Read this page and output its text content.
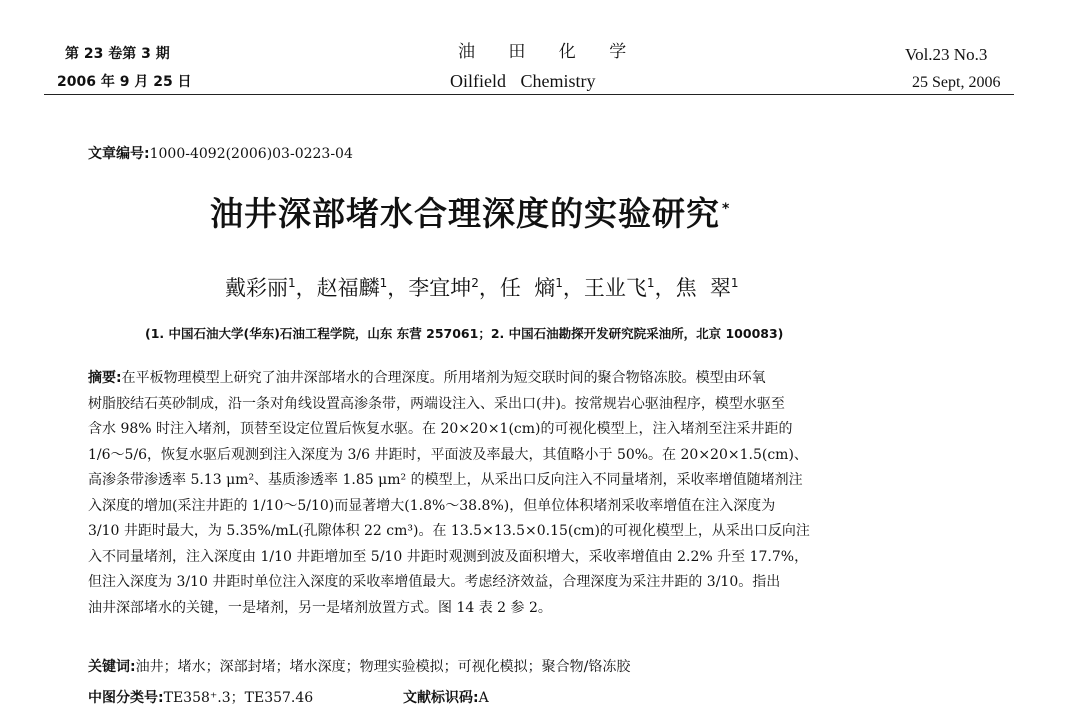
第 23 卷第 3 期
2006 年 9 月 25 日
油 田 化 学
Oilfield Chemistry
Vol.23 No.3
25 Sept, 2006
文章编号:1000-4092(2006)03-0223-04
油井深部堵水合理深度的实验研究 *
戴彩丽$^1$，赵福麟$^1$，李宜坤$^2$，任  熵$^1$，王业飞$^1$，焦  翠$^1$
(1. 中国石油大学(华东)石油工程学院，山东 东营 257061；2. 中国石油勘探开发研究院采油所，北京 100083)
摘要:在平板物理模型上研究了油井深部堵水的合理深度。所用堵剂为短交联时间的聚合物铬冻胶。模型由环氧
树脂胶结石英砂制成，沿一条对角线设置高渗条带，两端设注入、采出口(井)。按常规岩心驱油程序，模型水驱至
含水 98% 时注入堵剂，顶替至设定位置后恢复水驱。在 20×20×1(cm)的可视化模型上，注入堵剂至注采井距的
1/6～5/6，恢复水驱后观测到注入深度为 3/6 井距时，平面波及率最大，其值略小于 50%。在 20×20×1.5(cm)、
高渗条带渗透率 5.13 μm²、基质渗透率 1.85 μm² 的模型上，从采出口反向注入不同量堵剂，采收率增值随堵剂注
入深度的增加(采注井距的 1/10～5/10)而显著增大(1.8%～38.8%)，但单位体积堵剂采收率增值在注入深度为
3/10 井距时最大，为 5.35%/mL(孔隙体积 22 cm³)。在 13.5×13.5×0.15(cm)的可视化模型上，从采出口反向注
入不同量堵剂，注入深度由 1/10 井距增加至 5/10 井距时观测到波及面积增大，采收率增值由 2.2% 升至 17.7%，
但注入深度为 3/10 井距时单位注入深度的采收率增值最大。考虑经济效益，合理深度为采注井距的 3/10。指出
油井深部堵水的关键，一是堵剂，另一是堵剂放置方式。图 14 表 2 参 2。
关键词:油井；堵水；深部封堵；堵水深度；物理实验模拟；可视化模拟；聚合物/铬冻胶
中图分类号:TE358⁺.3；TE357.46	文献标识码:A
